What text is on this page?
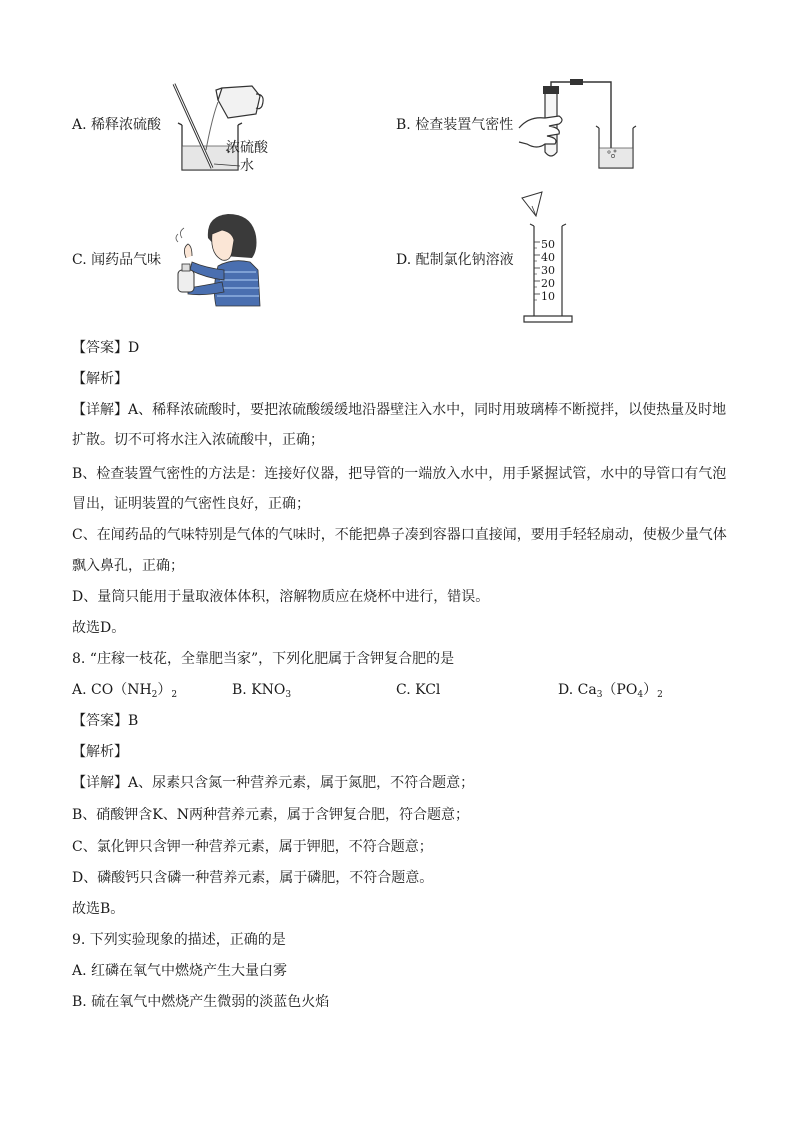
A. 稀释浓硫酸
浓硫酸
水
B. 检查装置气密性
C. 闻药品气味	D. 配制氯化钠溶液
50
40
30
20
10
【答案】D
【解析】
【详解】A、稀释浓硫酸时，要把浓硫酸缓缓地沿器壁注入水中，同时用玻璃棒不断搅拌，以使热量及时地
扩散。切不可将水注入浓硫酸中，正确；
B、检查装置气密性的方法是：连接好仪器，把导管的一端放入水中，用手紧握试管，水中的导管口有气泡
冒出，证明装置的气密性良好，正确；
C、在闻药品的气味特别是气体的气味时，不能把鼻子凑到容器口直接闻，要用手轻轻扇动，使极少量气体
飘入鼻孔，正确；
D、量筒只能用于量取液体体积，溶解物质应在烧杯中进行，错误。
故选D。
8. “庄稼一枝花，全靠肥当家”，下列化肥属于含钾复合肥的是
A. $CO(NH_2)_2$	B. $KNO_3$	C. KCl	D. $Ca_3(PO_4)_2$
【答案】B
【解析】
【详解】A、尿素只含氮一种营养元素，属于氮肥，不符合题意；
B、硝酸钾含K、N两种营养元素，属于含钾复合肥，符合题意；
C、氯化钾只含钾一种营养元素，属于钾肥，不符合题意；
D、磷酸钙只含磷一种营养元素，属于磷肥，不符合题意。
故选B。
9. 下列实验现象的描述，正确的是
A. 红磷在氧气中燃烧产生大量白雾
B. 硫在氧气中燃烧产生微弱的淡蓝色火焰
